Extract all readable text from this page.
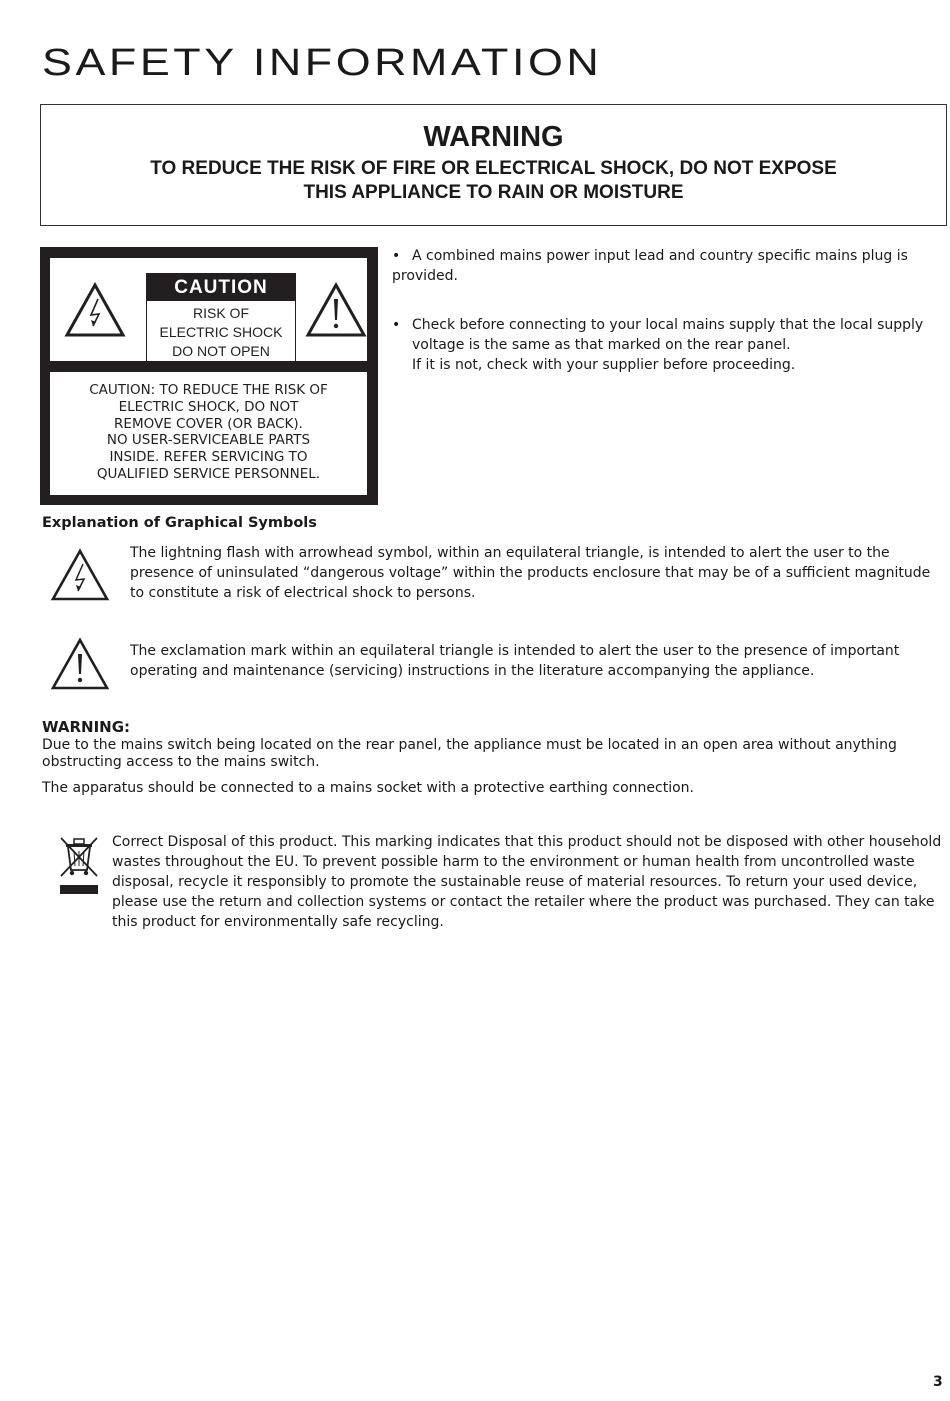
SAFETY INFORMATION
WARNING

TO REDUCE THE RISK OF FIRE OR ELECTRICAL SHOCK, DO NOT EXPOSE

THIS APPLIANCE TO RAIN OR MOISTURE

CAUTION
RISK OF
ELECTRIC SHOCK
DO NOT OPEN
CAUTION: TO REDUCE THE RISK OF
ELECTRIC SHOCK, DO NOT
REMOVE COVER (OR BACK).
NO USER-SERVICEABLE PARTS
INSIDE. REFER SERVICING TO
QUALIFIED SERVICE PERSONNEL.

• A combined mains power input lead and country specific mains plug is provided.

• Check before connecting to your local mains supply that the local supply voltage is the same as that marked on the rear panel.
If it is not, check with your supplier before proceeding.

Explanation of Graphical Symbols

The lightning flash with arrowhead symbol, within an equilateral triangle, is intended to alert the user to the presence of uninsulated “dangerous voltage” within the products enclosure that may be of a sufficient magnitude to constitute a risk of electrical shock to persons.

The exclamation mark within an equilateral triangle is intended to alert the user to the presence of important operating and maintenance (servicing) instructions in the literature accompanying the appliance.

WARNING:

Due to the mains switch being located on the rear panel, the appliance must be located in an open area without anything obstructing access to the mains switch.

The apparatus should be connected to a mains socket with a protective earthing connection.

Correct Disposal of this product. This marking indicates that this product should not be disposed with other household wastes throughout the EU. To prevent possible harm to the environment or human health from uncontrolled waste disposal, recycle it responsibly to promote the sustainable reuse of material resources. To return your used device, please use the return and collection systems or contact the retailer where the product was purchased. They can take this product for environmentally safe recycling.

3
